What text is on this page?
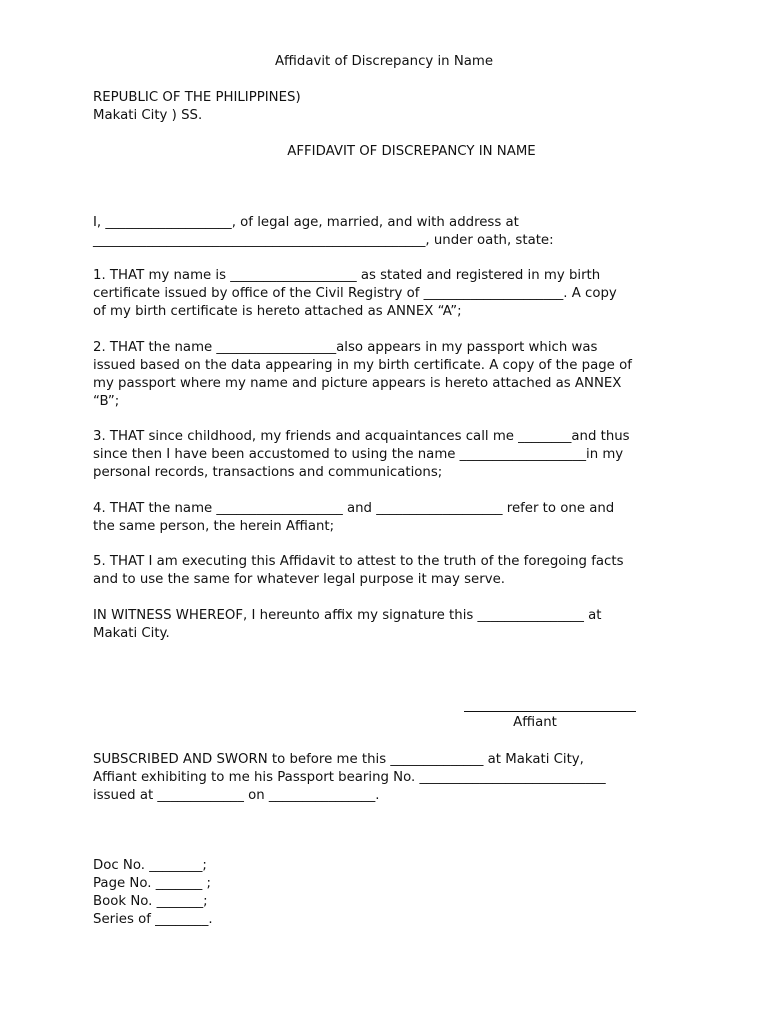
Affidavit of Discrepancy in Name

REPUBLIC OF THE PHILIPPINES)

Makati City ) SS.

AFFIDAVIT OF DISCREPANCY IN NAME

I, ___________________, of legal age, married, and with address at

__________________________________________________, under oath, state:

1. THAT my name is ___________________ as stated and registered in my birth

certificate issued by office of the Civil Registry of _____________________. A copy

of my birth certificate is hereto attached as ANNEX “A”;

2. THAT the name __________________also appears in my passport which was

issued based on the data appearing in my birth certificate. A copy of the page of

my passport where my name and picture appears is hereto attached as ANNEX

“B”;

3. THAT since childhood, my friends and acquaintances call me ________and thus

since then I have been accustomed to using the name ___________________in my

personal records, transactions and communications;

4. THAT the name ___________________ and ___________________ refer to one and

the same person, the herein Affiant;

5. THAT I am executing this Affidavit to attest to the truth of the foregoing facts

and to use the same for whatever legal purpose it may serve.

IN WITNESS WHEREOF, I hereunto affix my signature this ________________ at

Makati City.

Affiant

SUBSCRIBED AND SWORN to before me this ______________ at Makati City,

Affiant exhibiting to me his Passport bearing No. ____________________________

issued at _____________ on ________________.

Doc No. ________;

Page No. _______ ;

Book No. _______;

Series of ________.
